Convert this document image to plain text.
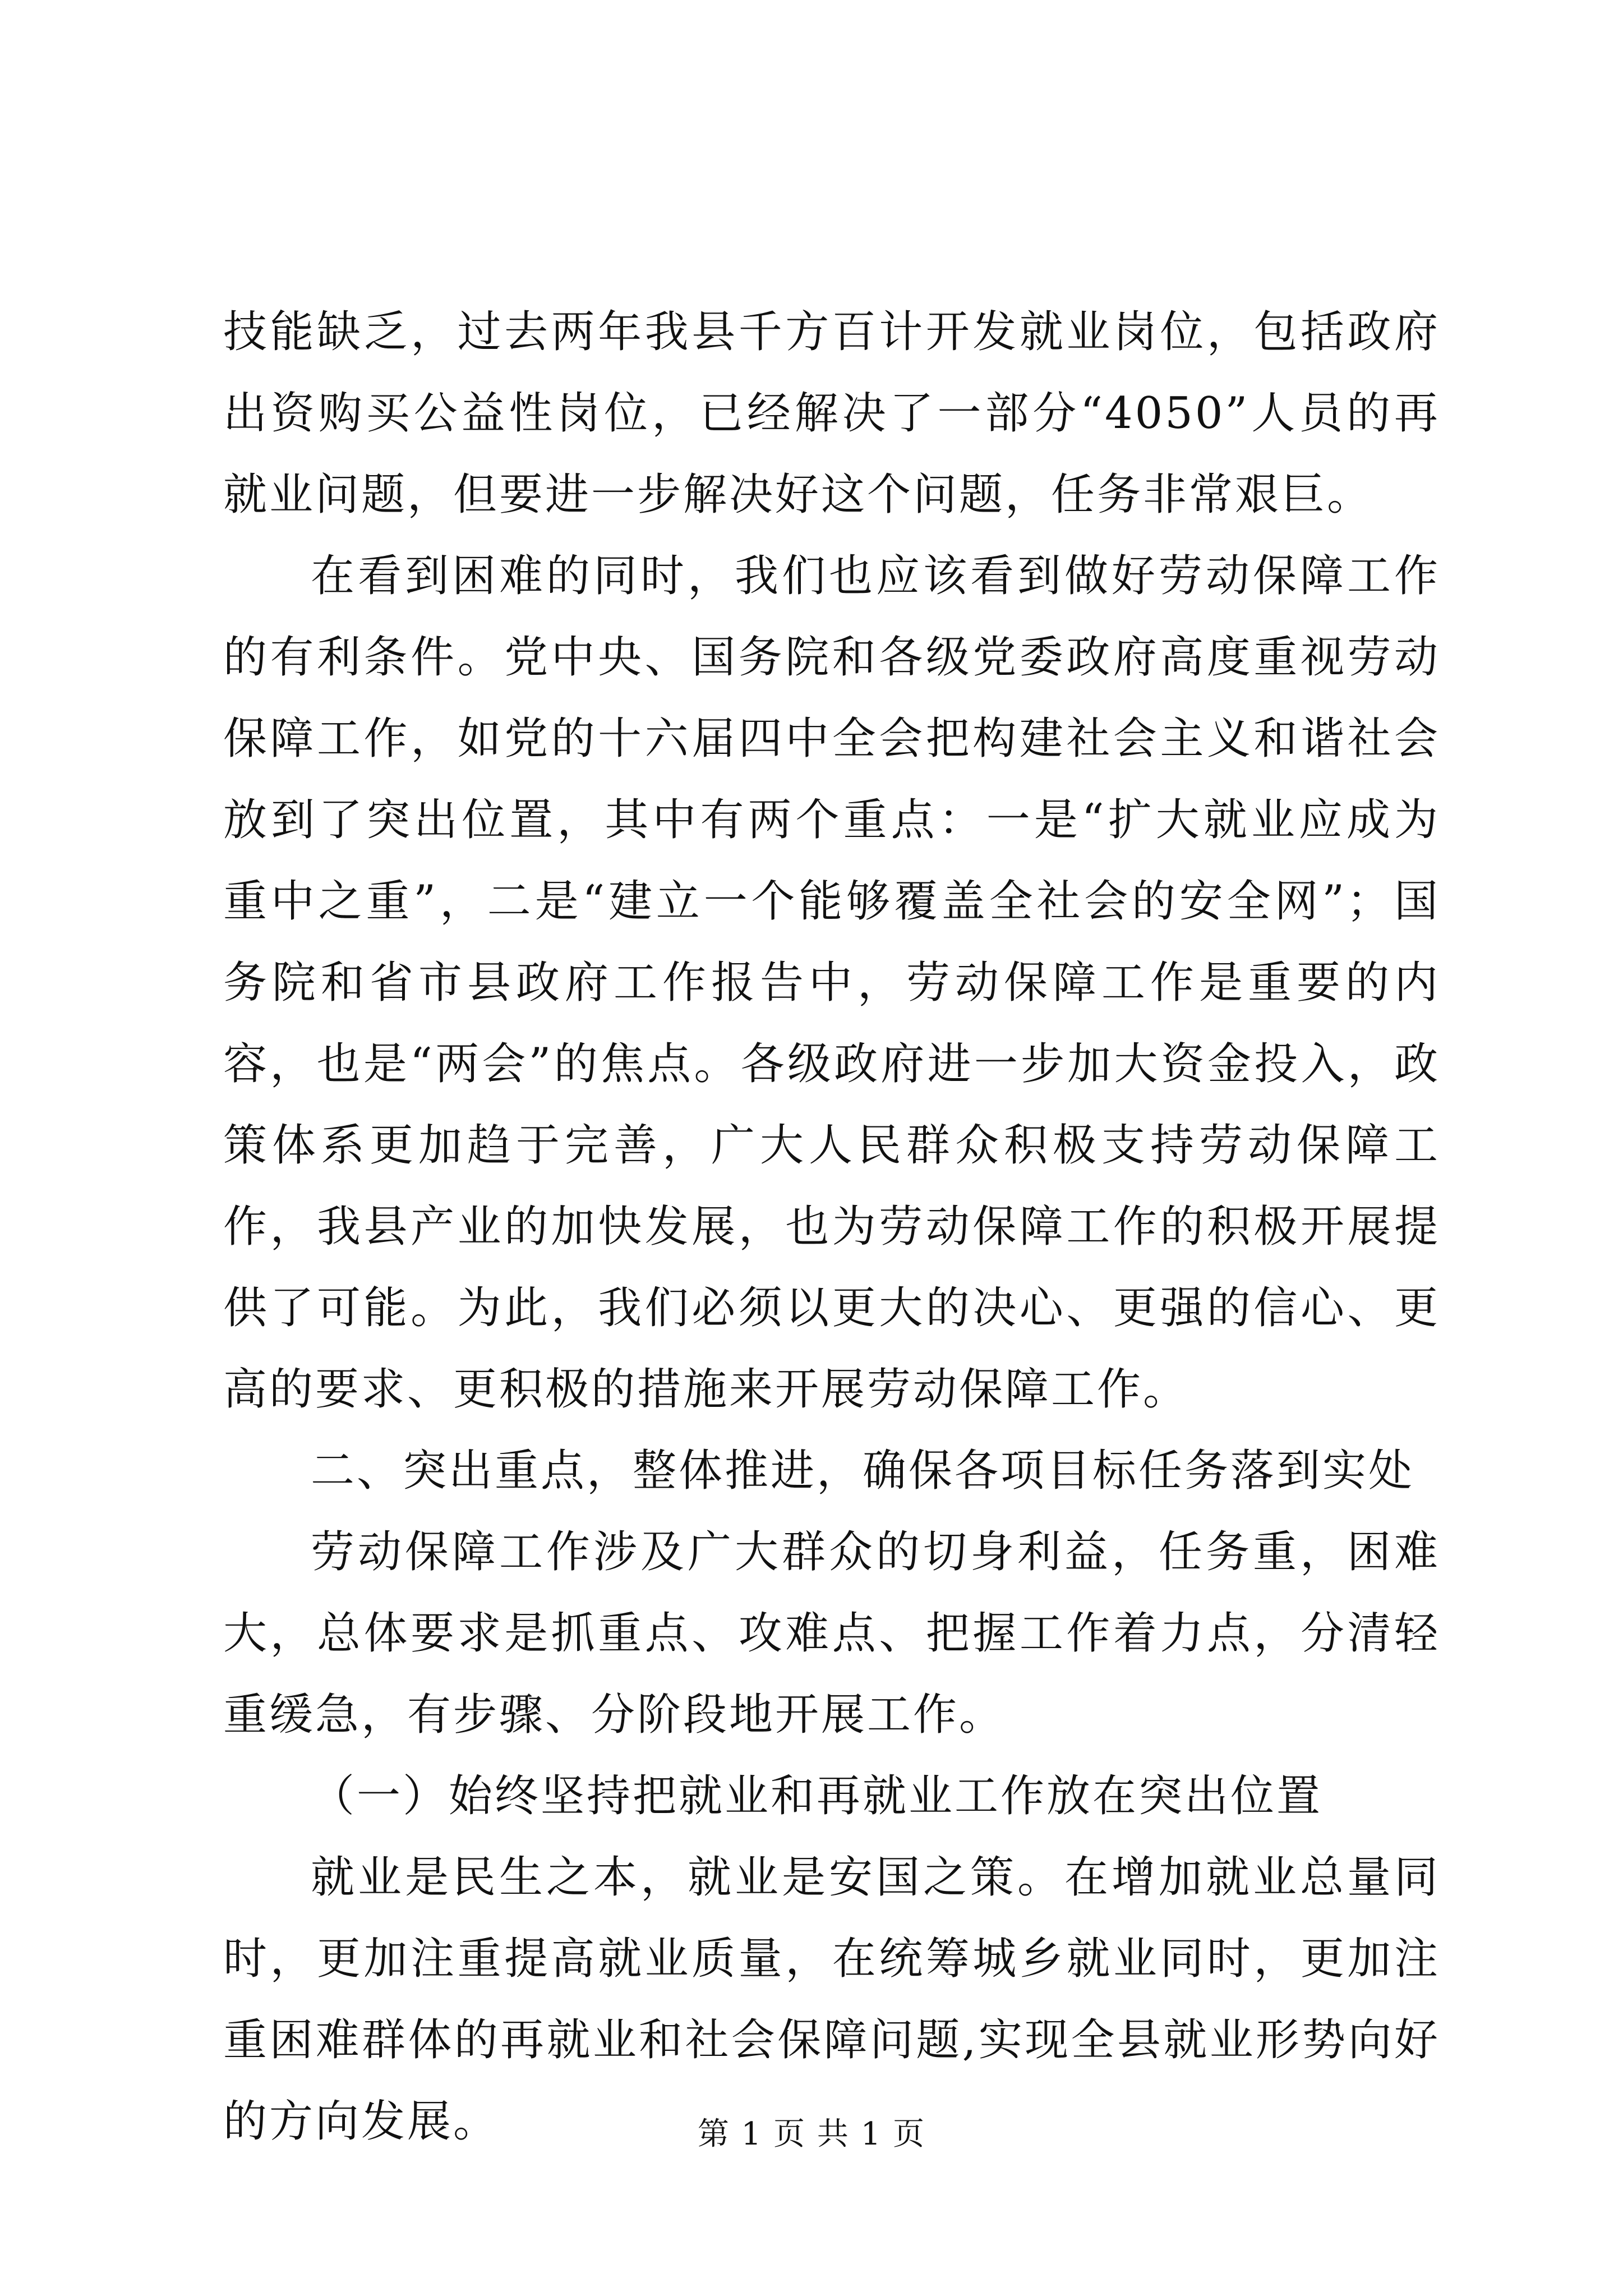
技能缺乏，过去两年我县千方百计开发就业岗位，包括政府出资购买公益性岗位，已经解决了一部分“4050”人员的再就业问题，但要进一步解决好这个问题，任务非常艰巨。

在看到困难的同时，我们也应该看到做好劳动保障工作的有利条件。党中央、国务院和各级党委政府高度重视劳动保障工作，如党的十六届四中全会把构建社会主义和谐社会放到了突出位置，其中有两个重点：一是“扩大就业应成为重中之重”，二是“建立一个能够覆盖全社会的安全网”；国务院和省市县政府工作报告中，劳动保障工作是重要的内容，也是“两会”的焦点。各级政府进一步加大资金投入，政策体系更加趋于完善，广大人民群众积极支持劳动保障工作，我县产业的加快发展，也为劳动保障工作的积极开展提供了可能。为此，我们必须以更大的决心、更强的信心、更高的要求、更积极的措施来开展劳动保障工作。

二、突出重点，整体推进，确保各项目标任务落到实处

劳动保障工作涉及广大群众的切身利益，任务重，困难大，总体要求是抓重点、攻难点、把握工作着力点，分清轻重缓急，有步骤、分阶段地开展工作。

（一）始终坚持把就业和再就业工作放在突出位置

就业是民生之本，就业是安国之策。在增加就业总量同时，更加注重提高就业质量，在统筹城乡就业同时，更加注重困难群体的再就业和社会保障问题,实现全县就业形势向好的方向发展。	第 1 页 共 1 页
